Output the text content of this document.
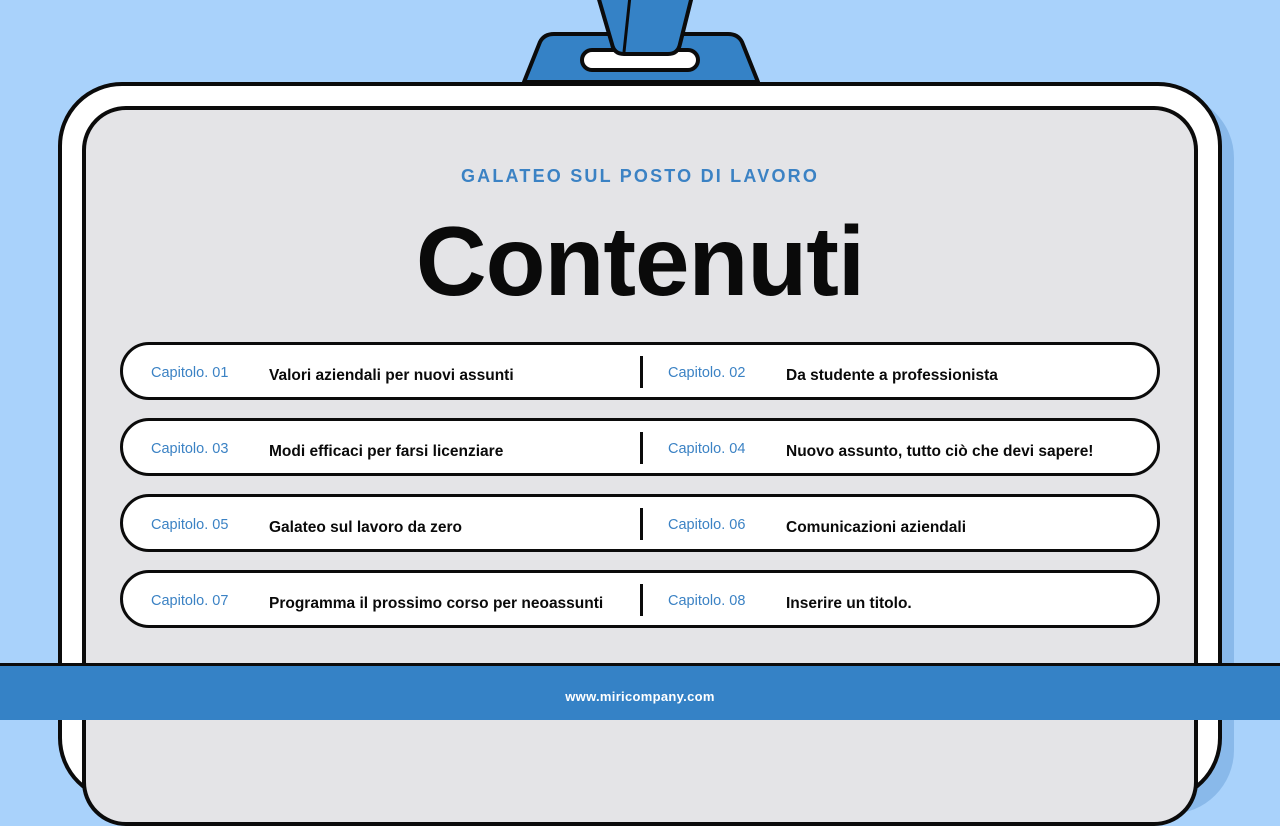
GALATEO SUL POSTO DI LAVORO
Contenuti
Capitolo. 01	Valori aziendali per nuovi assunti	Capitolo. 02	Da studente a professionista
Capitolo. 03	Modi efficaci per farsi licenziare	Capitolo. 04	Nuovo assunto, tutto ciò che devi sapere!
Capitolo. 05	Galateo sul lavoro da zero	Capitolo. 06	Comunicazioni aziendali
Capitolo. 07	Programma il prossimo corso per neoassunti	Capitolo. 08	Inserire un titolo.
www.miricompany.com
